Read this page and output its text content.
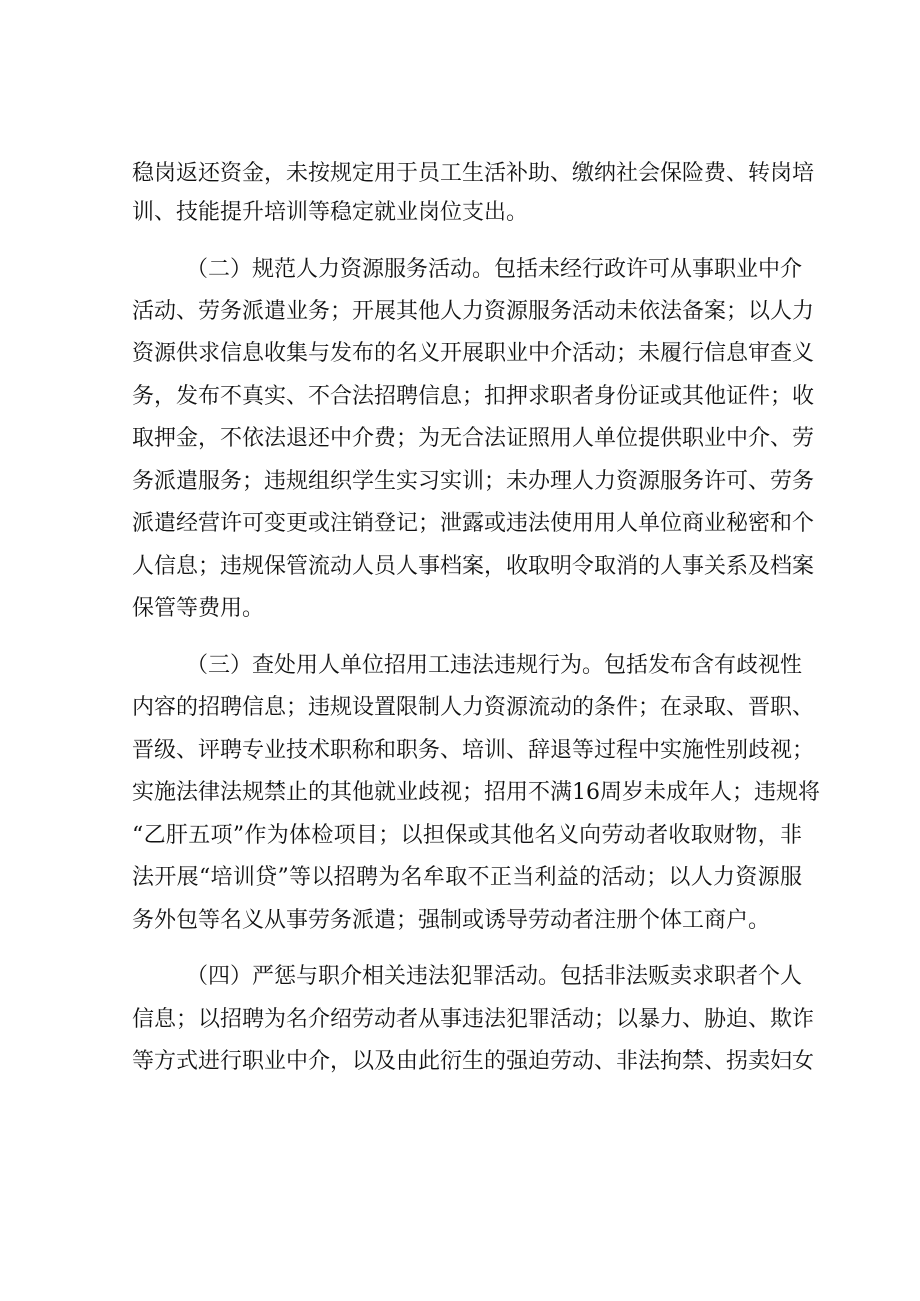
稳岗返还资金，未按规定用于员工生活补助、缴纳社会保险费、转岗培
训、技能提升培训等稳定就业岗位支出。
（二）规范人力资源服务活动。包括未经行政许可从事职业中介
活动、劳务派遣业务；开展其他人力资源服务活动未依法备案；以人力
资源供求信息收集与发布的名义开展职业中介活动；未履行信息审查义
务，发布不真实、不合法招聘信息；扣押求职者身份证或其他证件；收
取押金，不依法退还中介费；为无合法证照用人单位提供职业中介、劳
务派遣服务；违规组织学生实习实训；未办理人力资源服务许可、劳务
派遣经营许可变更或注销登记；泄露或违法使用用人单位商业秘密和个
人信息；违规保管流动人员人事档案，收取明令取消的人事关系及档案
保管等费用。
（三）查处用人单位招用工违法违规行为。包括发布含有歧视性
内容的招聘信息；违规设置限制人力资源流动的条件；在录取、晋职、
晋级、评聘专业技术职称和职务、培训、辞退等过程中实施性别歧视；
实施法律法规禁止的其他就业歧视；招用不满16周岁未成年人；违规将
“乙肝五项”作为体检项目；以担保或其他名义向劳动者收取财物，非
法开展“培训贷”等以招聘为名牟取不正当利益的活动；以人力资源服
务外包等名义从事劳务派遣；强制或诱导劳动者注册个体工商户。
（四）严惩与职介相关违法犯罪活动。包括非法贩卖求职者个人
信息；以招聘为名介绍劳动者从事违法犯罪活动；以暴力、胁迫、欺诈
等方式进行职业中介，以及由此衍生的强迫劳动、非法拘禁、拐卖妇女
